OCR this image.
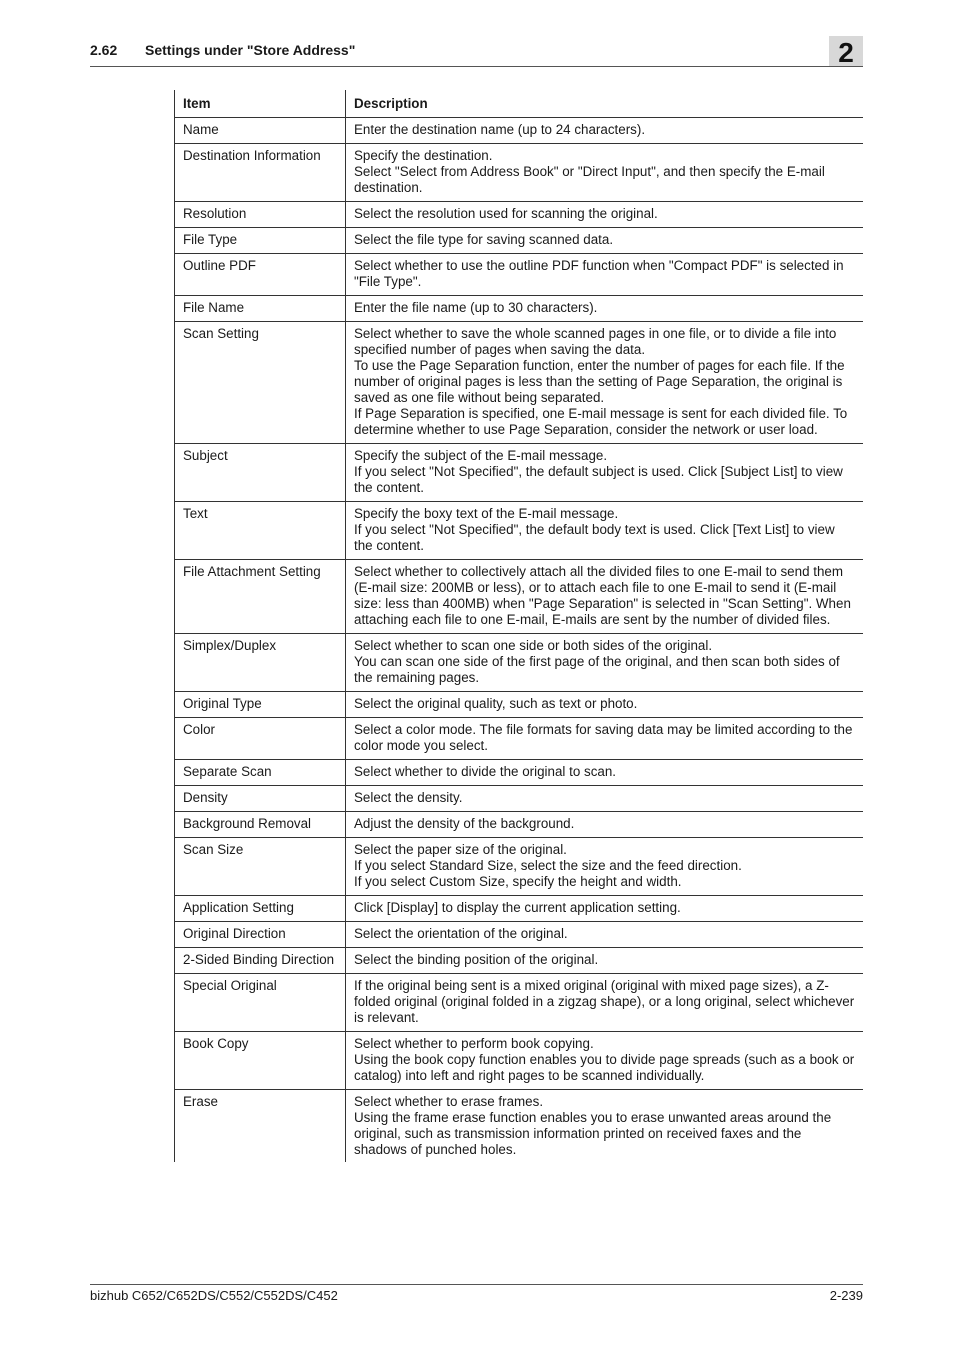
2.62 Settings under "Store Address"	2
Item	Description
Name	Enter the destination name (up to 24 characters).
Destination Information	Specify the destination.
Select "Select from Address Book" or "Direct Input", and then specify the E-mail destination.
Resolution	Select the resolution used for scanning the original.
File Type	Select the file type for saving scanned data.
Outline PDF	Select whether to use the outline PDF function when "Compact PDF" is selected in "File Type".
File Name	Enter the file name (up to 30 characters).
Scan Setting	Select whether to save the whole scanned pages in one file, or to divide a file into specified number of pages when saving the data.
To use the Page Separation function, enter the number of pages for each file. If the number of original pages is less than the setting of Page Separation, the original is saved as one file without being separated.
If Page Separation is specified, one E-mail message is sent for each divided file. To determine whether to use Page Separation, consider the network or user load.
Subject	Specify the subject of the E-mail message.
If you select "Not Specified", the default subject is used. Click [Subject List] to view the content.
Text	Specify the boxy text of the E-mail message.
If you select "Not Specified", the default body text is used. Click [Text List] to view the content.
File Attachment Setting	Select whether to collectively attach all the divided files to one E-mail to send them (E-mail size: 200MB or less), or to attach each file to one E-mail to send it (E-mail size: less than 400MB) when "Page Separation" is selected in "Scan Setting". When attaching each file to one E-mail, E-mails are sent by the number of divided files.
Simplex/Duplex	Select whether to scan one side or both sides of the original.
You can scan one side of the first page of the original, and then scan both sides of the remaining pages.
Original Type	Select the original quality, such as text or photo.
Color	Select a color mode. The file formats for saving data may be limited according to the color mode you select.
Separate Scan	Select whether to divide the original to scan.
Density	Select the density.
Background Removal	Adjust the density of the background.
Scan Size	Select the paper size of the original.
If you select Standard Size, select the size and the feed direction.
If you select Custom Size, specify the height and width.
Application Setting	Click [Display] to display the current application setting.
Original Direction	Select the orientation of the original.
2-Sided Binding Direction	Select the binding position of the original.
Special Original	If the original being sent is a mixed original (original with mixed page sizes), a Z-folded original (original folded in a zigzag shape), or a long original, select whichever is relevant.
Book Copy	Select whether to perform book copying.
Using the book copy function enables you to divide page spreads (such as a book or catalog) into left and right pages to be scanned individually.
Erase	Select whether to erase frames.
Using the frame erase function enables you to erase unwanted areas around the original, such as transmission information printed on received faxes and the shadows of punched holes.
bizhub C652/C652DS/C552/C552DS/C452	2-239
